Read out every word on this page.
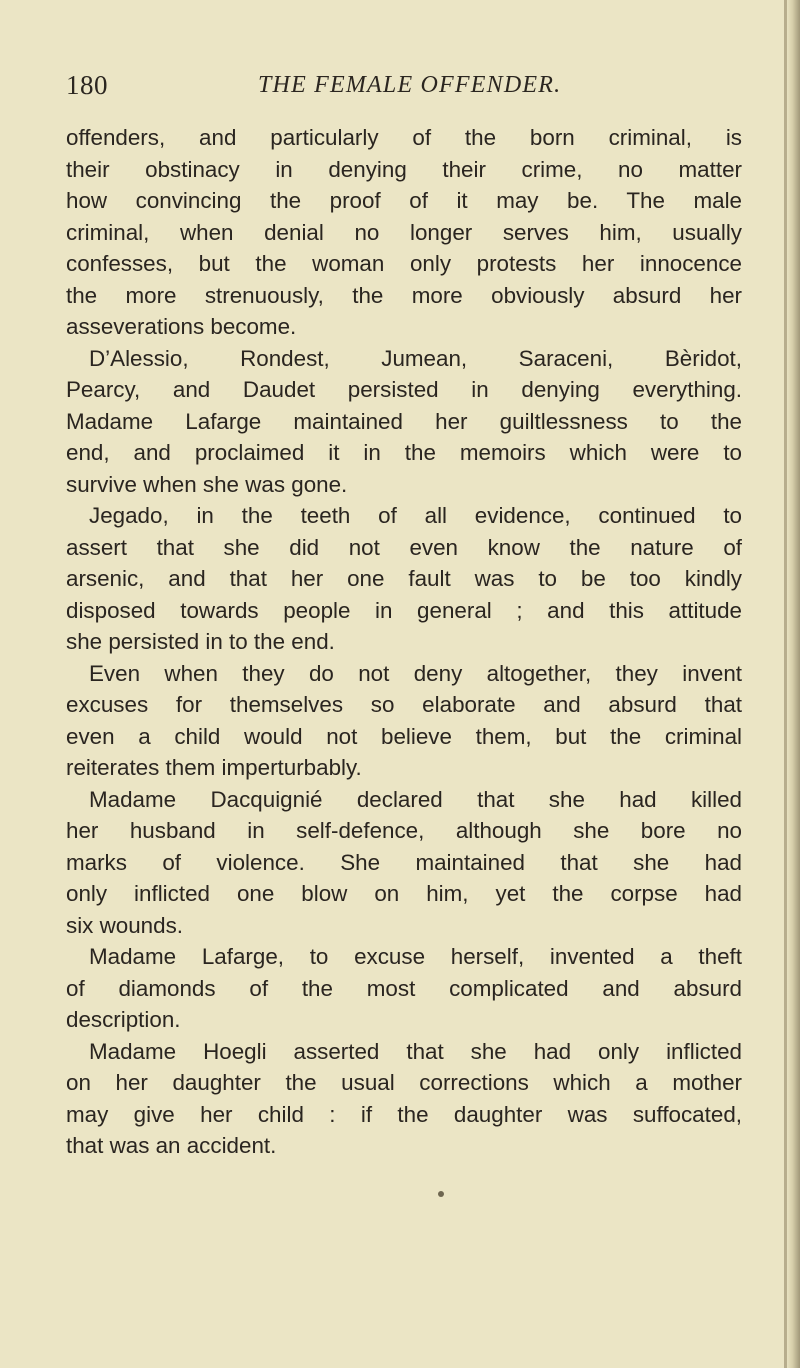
180	THE FEMALE OFFENDER.
offenders, and particularly of the born criminal, is
their obstinacy in denying their crime, no matter
how convincing the proof of it may be. The male
criminal, when denial no longer serves him, usually
confesses, but the woman only protests her innocence
the more strenuously, the more obviously absurd her
asseverations become.
D’Alessio, Rondest, Jumean, Saraceni, Bèridot,
Pearcy, and Daudet persisted in denying everything.
Madame Lafarge maintained her guiltlessness to the
end, and proclaimed it in the memoirs which were to
survive when she was gone.
Jegado, in the teeth of all evidence, continued to
assert that she did not even know the nature of
arsenic, and that her one fault was to be too kindly
disposed towards people in general ; and this attitude
she persisted in to the end.
Even when they do not deny altogether, they invent
excuses for themselves so elaborate and absurd that
even a child would not believe them, but the criminal
reiterates them imperturbably.
Madame Dacquignié declared that she had killed
her husband in self-defence, although she bore no
marks of violence. She maintained that she had
only inflicted one blow on him, yet the corpse had
six wounds.
Madame Lafarge, to excuse herself, invented a theft
of diamonds of the most complicated and absurd
description.
Madame Hoegli asserted that she had only inflicted
on her daughter the usual corrections which a mother
may give her child : if the daughter was suffocated,
that was an accident.
